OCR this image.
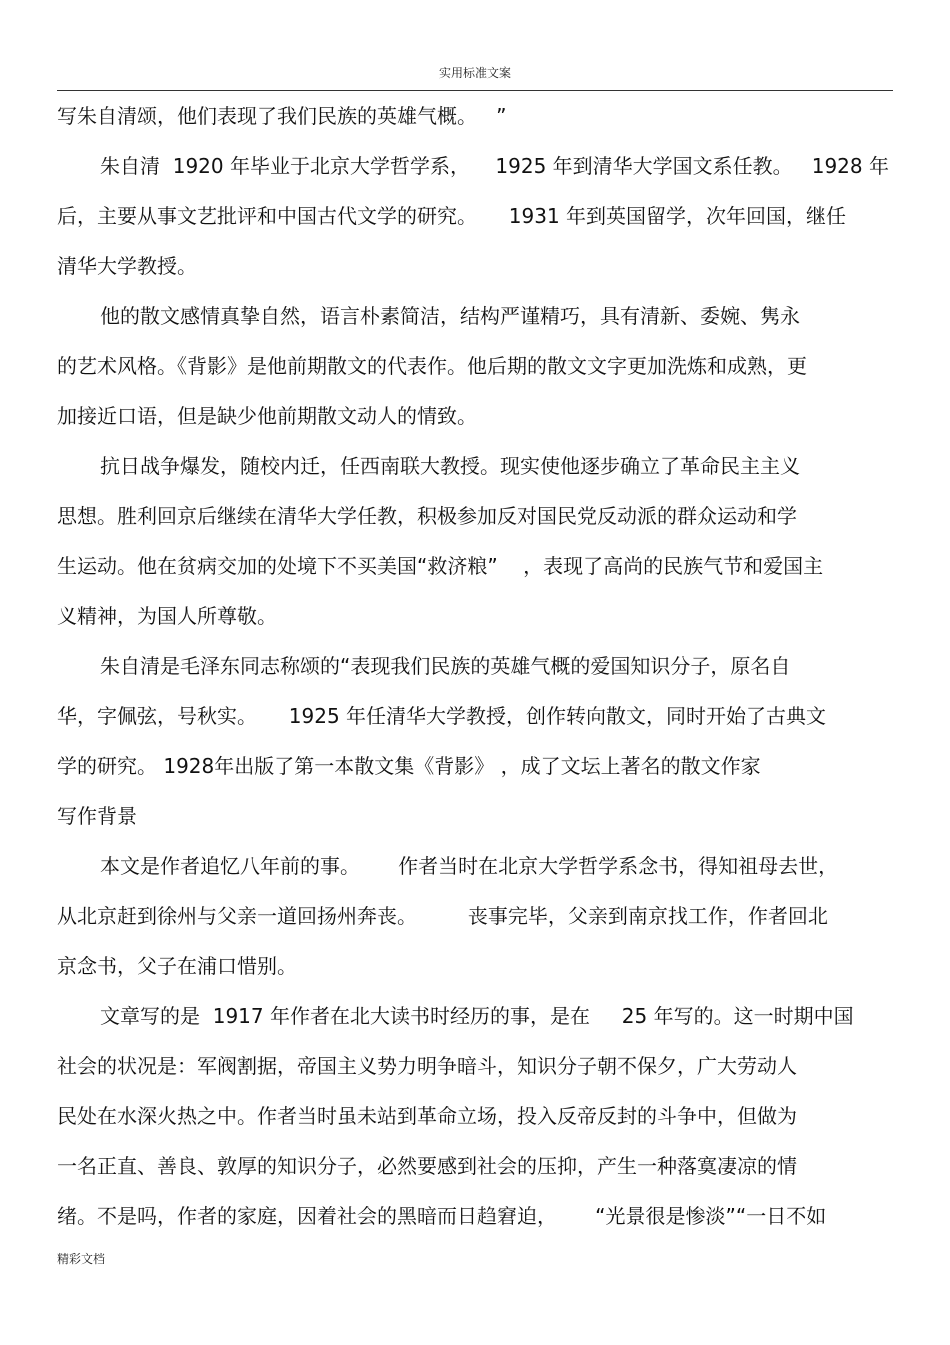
实用标准文案
写朱自清颂，他们表现了我们民族的英雄气概。   ”
朱自清  1920 年毕业于北京大学哲学系，    1925 年到清华大学国文系任教。   1928 年
后，主要从事文艺批评和中国古代文学的研究。     1931 年到英国留学，次年回国，继任
清华大学教授。
他的散文感情真挚自然，语言朴素简洁，结构严谨精巧，具有清新、委婉、隽永
的艺术风格。《背影》是他前期散文的代表作。他后期的散文文字更加洗炼和成熟，更
加接近口语，但是缺少他前期散文动人的情致。
抗日战争爆发，随校内迁，任西南联大教授。现实使他逐步确立了革命民主主义
思想。胜利回京后继续在清华大学任教，积极参加反对国民党反动派的群众运动和学
生运动。他在贫病交加的处境下不买美国“救济粮”    ，表现了高尚的民族气节和爱国主
义精神，为国人所尊敬。
朱自清是毛泽东同志称颂的“表现我们民族的英雄气概的爱国知识分子，原名自
华，字佩弦，号秋实。     1925 年任清华大学教授，创作转向散文，同时开始了古典文
学的研究。 1928年出版了第一本散文集《背影》 ，成了文坛上著名的散文作家
写作背景
本文是作者追忆八年前的事。      作者当时在北京大学哲学系念书，得知祖母去世，
从北京赶到徐州与父亲一道回扬州奔丧。        丧事完毕，父亲到南京找工作，作者回北
京念书，父子在浦口惜别。
文章写的是  1917 年作者在北大读书时经历的事，是在     25 年写的。这一时期中国
社会的状况是：军阀割据，帝国主义势力明争暗斗，知识分子朝不保夕，广大劳动人
民处在水深火热之中。作者当时虽未站到革命立场，投入反帝反封的斗争中，但做为
一名正直、善良、敦厚的知识分子，必然要感到社会的压抑，产生一种落寞凄凉的情
绪。不是吗，作者的家庭，因着社会的黑暗而日趋窘迫，      “光景很是惨淡”“一日不如
精彩文档
